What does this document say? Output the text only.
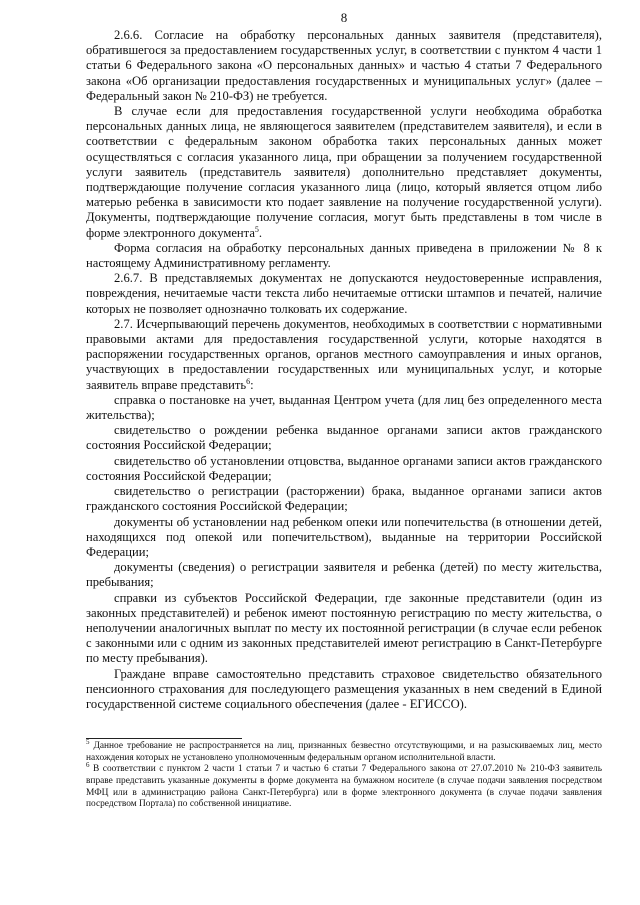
8

2.6.6. Согласие на обработку персональных данных заявителя (представителя), обратившегося за предоставлением государственных услуг, в соответствии с пунктом 4 части 1 статьи 6 Федерального закона «О персональных данных» и частью 4 статьи 7 Федерального закона «Об организации предоставления государственных и муниципальных услуг» (далее – Федеральный закон № 210-ФЗ) не требуется.

В случае если для предоставления государственной услуги необходима обработка персональных данных лица, не являющегося заявителем (представителем заявителя), и если в соответствии с федеральным законом обработка таких персональных данных может осуществляться с согласия указанного лица, при обращении за получением государственной услуги заявитель (представитель заявителя) дополнительно представляет документы, подтверждающие получение согласия указанного лица (лицо, который является отцом либо матерью ребенка в зависимости кто подает заявление на получение государственной услуги). Документы, подтверждающие получение согласия, могут быть представлены в том числе в форме электронного документа$^5$.

Форма согласия на обработку персональных данных приведена в приложении № 8 к настоящему Административному регламенту.

2.6.7. В представляемых документах не допускаются неудостоверенные исправления, повреждения, нечитаемые части текста либо нечитаемые оттиски штампов и печатей, наличие которых не позволяет однозначно толковать их содержание.

2.7. Исчерпывающий перечень документов, необходимых в соответствии с нормативными правовыми актами для предоставления государственной услуги, которые находятся в распоряжении государственных органов, органов местного самоуправления и иных органов, участвующих в предоставлении государственных или муниципальных услуг, и которые заявитель вправе представить$^6$:

справка о постановке на учет, выданная Центром учета (для лиц без определенного места жительства);

свидетельство о рождении ребенка выданное органами записи актов гражданского состояния Российской Федерации;

свидетельство об установлении отцовства, выданное органами записи актов гражданского состояния Российской Федерации;

свидетельство о регистрации (расторжении) брака, выданное органами записи актов гражданского состояния Российской Федерации;

документы об установлении над ребенком опеки или попечительства (в отношении детей, находящихся под опекой или попечительством), выданные на территории Российской Федерации;

документы (сведения) о регистрации заявителя и ребенка (детей) по месту жительства, пребывания;

справки из субъектов Российской Федерации, где законные представители (один из законных представителей) и ребенок имеют постоянную регистрацию по месту жительства, о неполучении аналогичных выплат по месту их постоянной регистрации (в случае если ребенок с законными или с одним из законных представителей имеют регистрацию в Санкт-Петербурге по месту пребывания).

Граждане вправе самостоятельно представить страховое свидетельство обязательного пенсионного страхования для последующего размещения указанных в нем сведений в Единой государственной системе социального обеспечения (далее - ЕГИССО).

$^5$ Данное требование не распространяется на лиц, признанных безвестно отсутствующими, и на разыскиваемых лиц, место нахождения которых не установлено уполномоченным федеральным органом исполнительной власти.

$^6$ В соответствии с пунктом 2 части 1 статьи 7 и частью 6 статьи 7 Федерального закона от 27.07.2010 № 210-ФЗ заявитель вправе представить указанные документы в форме документа на бумажном носителе (в случае подачи заявления посредством МФЦ или в администрацию района Санкт-Петербурга) или в форме электронного документа (в случае подачи заявления посредством Портала) по собственной инициативе.
